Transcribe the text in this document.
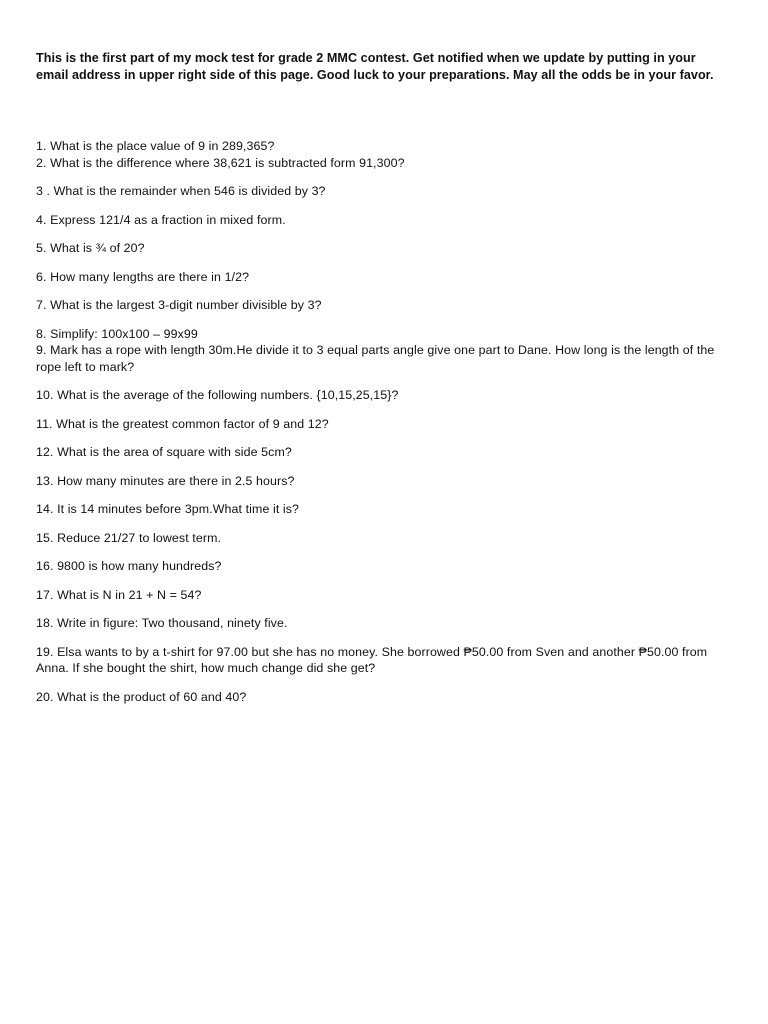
This is the first part of my mock test for grade 2 MMC contest. Get notified when we update by putting in your email address in upper right side of this page. Good luck to your preparations. May all the odds be in your favor.
1. What is the place value of 9 in 289,365?
2. What is the difference where 38,621 is subtracted form 91,300?
3 . What is the remainder when 546 is divided by 3?
4. Express 121/4 as a fraction in mixed form.
5. What is ¾ of 20?
6. How many lengths are there in 1/2?
7. What is the largest 3-digit number divisible by 3?
8. Simplify: 100x100 – 99x99
9. Mark has a rope with length 30m.He divide it to 3 equal parts angle give one part to Dane. How long is the length of the rope left to mark?
10. What is the average of the following numbers. {10,15,25,15}?
11. What is the greatest common factor of 9 and 12?
12. What is the area of square with side 5cm?
13. How many minutes are there in 2.5 hours?
14. It is 14 minutes before 3pm.What time it is?
15. Reduce 21/27 to lowest term.
16. 9800 is how many hundreds?
17. What is N in 21 + N = 54?
18. Write in figure: Two thousand, ninety five.
19. Elsa wants to by a t-shirt for 97.00 but she has no money. She borrowed ₱50.00 from Sven and another ₱50.00 from Anna. If she bought the shirt, how much change did she get?
20. What is the product of 60 and 40?
